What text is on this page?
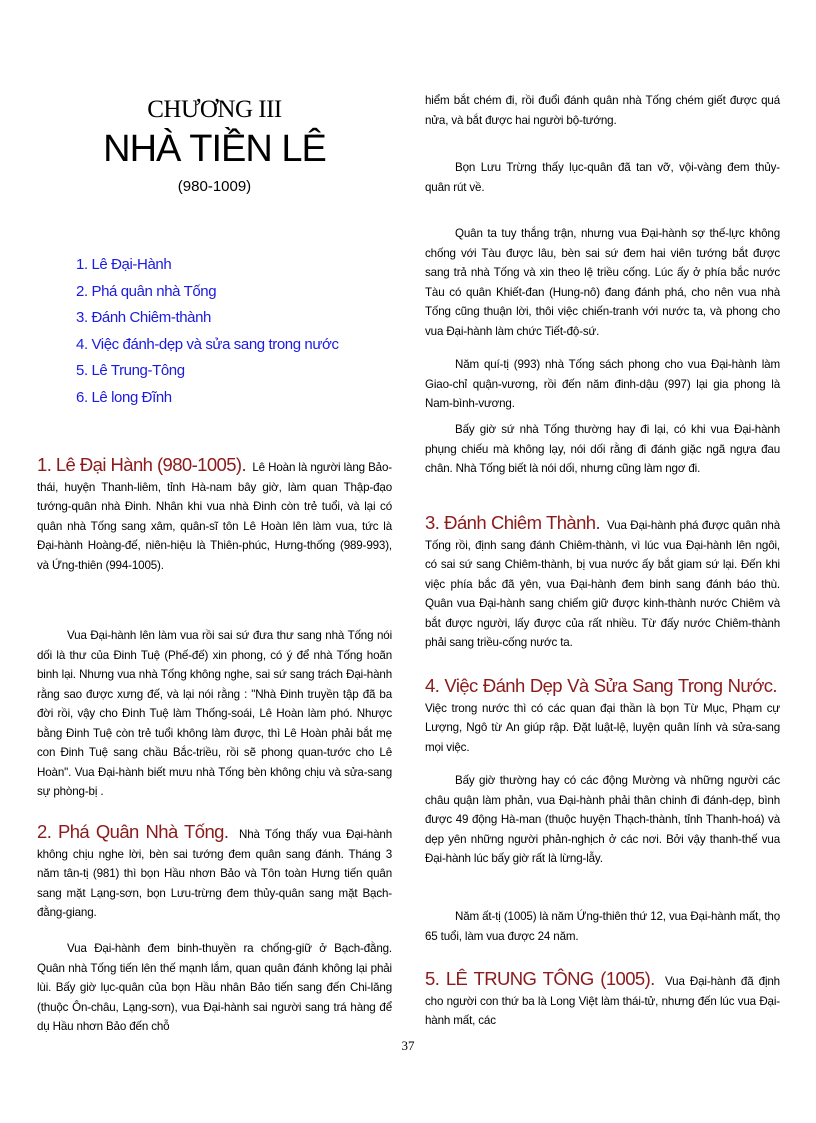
CHƯƠNG III
NHÀ TIỀN LÊ
(980-1009)
1. Lê Đại-Hành
2. Phá quân nhà Tống
3. Đánh Chiêm-thành
4. Việc đánh-dẹp và sửa sang trong nước
5. Lê Trung-Tông
6. Lê long Đĩnh

1. Lê Đại Hành (980-1005). Lê Hoàn là người làng Bảo-thái, huyện Thanh-liêm, tỉnh Hà-nam bây giờ, làm quan Thập-đạo tướng-quân nhà Đinh. Nhân khi vua nhà Đinh còn trẻ tuổi, và lại có quân nhà Tống sang xâm, quân-sĩ tôn Lê Hoàn lên làm vua, tức là Đại-hành Hoàng-đế, niên-hiệu là Thiên-phúc, Hưng-thống (989-993), và Ứng-thiên (994-1005).

Vua Đại-hành lên làm vua rồi sai sứ đưa thư sang nhà Tống nói dối là thư của Đinh Tuệ (Phế-đế) xin phong, có ý để nhà Tống hoãn binh lại. Nhưng vua nhà Tống không nghe, sai sứ sang trách Đại-hành rằng sao được xưng đế, và lại nói rằng : "Nhà Đinh truyền tập đã ba đời rồi, vậy cho Đinh Tuệ làm Thống-soái, Lê Hoàn làm phó. Nhược bằng Đinh Tuệ còn trẻ tuổi không làm được, thì Lê Hoàn phải bắt mẹ con Đinh Tuệ sang chầu Bắc-triều, rồi sẽ phong quan-tước cho Lê Hoàn". Vua Đại-hành biết mưu nhà Tống bèn không chịu và sửa-sang sự phòng-bị .

2. Phá Quân Nhà Tống. Nhà Tống thấy vua Đại-hành không chịu nghe lời, bèn sai tướng đem quân sang đánh. Tháng 3 năm tân-tị (981) thì bọn Hầu nhơn Bảo và Tôn toàn Hưng tiến quân sang mặt Lạng-sơn, bọn Lưu-trừng đem thủy-quân sang mặt Bạch-đằng-giang.

Vua Đại-hành đem binh-thuyền ra chống-giữ ở Bạch-đằng. Quân nhà Tống tiến lên thế mạnh lắm, quan quân đánh không lại phải lùi. Bấy giờ lục-quân của bọn Hầu nhân Bảo tiến sang đến Chi-lăng (thuộc Ôn-châu, Lạng-sơn), vua Đại-hành sai người sang trá hàng để dụ Hầu nhơn Bảo đến chỗ

hiểm bắt chém đi, rồi đuổi đánh quân nhà Tống chém giết được quá nửa, và bắt được hai người bộ-tướng.

Bọn Lưu Trừng thấy lục-quân đã tan vỡ, vội-vàng đem thủy-quân rút về.

Quân ta tuy thắng trận, nhưng vua Đại-hành sợ thế-lực không chống với Tàu được lâu, bèn sai sứ đem hai viên tướng bắt được sang trả nhà Tống và xin theo lệ triều cống. Lúc ấy ở phía bắc nước Tàu có quân Khiết-đan (Hung-nô) đang đánh phá, cho nên vua nhà Tống cũng thuận lời, thôi việc chiến-tranh với nước ta, và phong cho vua Đại-hành làm chức Tiết-độ-sứ.

Năm quí-tị (993) nhà Tống sách phong cho vua Đại-hành làm Giao-chỉ quận-vương, rồi đến năm đinh-dậu (997) lại gia phong là Nam-bình-vương.

Bấy giờ sứ nhà Tống thường hay đi lại, có khi vua Đại-hành phụng chiếu mà không lạy, nói dối rằng đi đánh giặc ngã ngựa đau chân. Nhà Tống biết là nói dối, nhưng cũng làm ngơ đi.

3. Đánh Chiêm Thành. Vua Đại-hành phá được quân nhà Tống rồi, định sang đánh Chiêm-thành, vì lúc vua Đại-hành lên ngôi, có sai sứ sang Chiêm-thành, bị vua nước ấy bắt giam sứ lại. Đến khi việc phía bắc đã yên, vua Đại-hành đem binh sang đánh báo thù. Quân vua Đại-hành sang chiếm giữ được kinh-thành nước Chiêm và bắt được người, lấy được của rất nhiều. Từ đấy nước Chiêm-thành phải sang triều-cống nước ta.

4. Việc Đánh Dẹp Và Sửa Sang Trong Nước.  Việc trong nước thì có các quan đại thần là bọn Từ Mục, Phạm cự Lượng, Ngô từ An giúp rập. Đặt luật-lệ, luyện quân lính và sửa-sang mọi việc.

Bấy giờ thường hay có các động Mường và những người các châu quận làm phản, vua Đại-hành phải thân chinh đi đánh-dẹp, bình được 49 động Hà-man (thuộc huyện Thạch-thành, tỉnh Thanh-hoá) và dẹp yên những người phản-nghịch ở các nơi. Bởi vậy thanh-thế vua Đại-hành lúc bấy giờ rất là lừng-lẫy.

Năm ất-tị (1005) là năm Ứng-thiên thứ 12, vua Đại-hành mất, thọ 65 tuổi, làm vua được 24 năm.

5. LÊ TRUNG TÔNG (1005). Vua Đại-hành đã định cho người con thứ ba là Long Việt làm thái-tử, nhưng đến lúc vua Đại-hành mất, các

37
